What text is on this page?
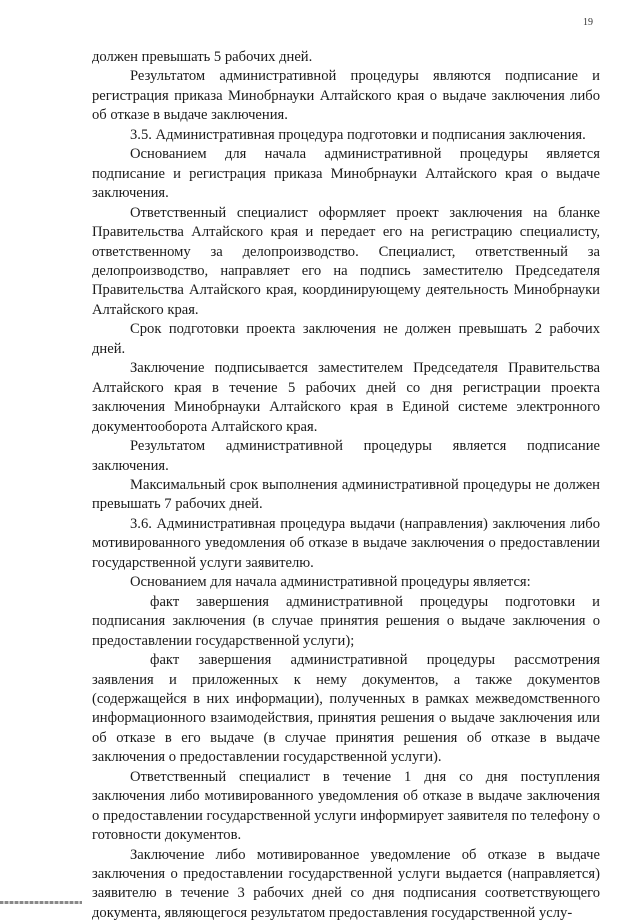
19

должен превышать 5 рабочих дней.

Результатом административной процедуры являются подписание и регистрация приказа Минобрнауки Алтайского края о выдаче заключения либо об отказе в выдаче заключения.

3.5. Административная процедура подготовки и подписания заключения.

Основанием для начала административной процедуры является подписание и регистрация приказа Минобрнауки Алтайского края о выдаче заключения.

Ответственный специалист оформляет проект заключения на бланке Правительства Алтайского края и передает его на регистрацию специалисту, ответственному за делопроизводство. Специалист, ответственный за делопроизводство, направляет его на подпись заместителю Председателя Правительства Алтайского края, координирующему деятельность Минобрнауки Алтайского края.

Срок подготовки проекта заключения не должен превышать 2 рабочих дней.

Заключение подписывается заместителем Председателя Правительства Алтайского края в течение 5 рабочих дней со дня регистрации проекта заключения Минобрнауки Алтайского края в Единой системе электронного документооборота Алтайского края.

Результатом административной процедуры является подписание заключения.

Максимальный срок выполнения административной процедуры не должен превышать 7 рабочих дней.

3.6. Административная процедура выдачи (направления) заключения либо мотивированного уведомления об отказе в выдаче заключения о предоставлении государственной услуги заявителю.

Основанием для начала административной процедуры является:

факт завершения административной процедуры подготовки и подписания заключения (в случае принятия решения о выдаче заключения о предоставлении государственной услуги);

факт завершения административной процедуры рассмотрения заявления и приложенных к нему документов, а также документов (содержащейся в них информации), полученных в рамках межведомственного информационного взаимодействия, принятия решения о выдаче заключения или об отказе в его выдаче (в случае принятия решения об отказе в выдаче заключения о предоставлении государственной услуги).

Ответственный специалист в течение 1 дня со дня поступления заключения либо мотивированного уведомления об отказе в выдаче заключения о предоставлении государственной услуги информирует заявителя по телефону о готовности документов.

Заключение либо мотивированное уведомление об отказе в выдаче заключения о предоставлении государственной услуги выдается (направляется) заявителю в течение 3 рабочих дней со дня подписания соответствующего документа, являющегося результатом предоставления государственной услу-
